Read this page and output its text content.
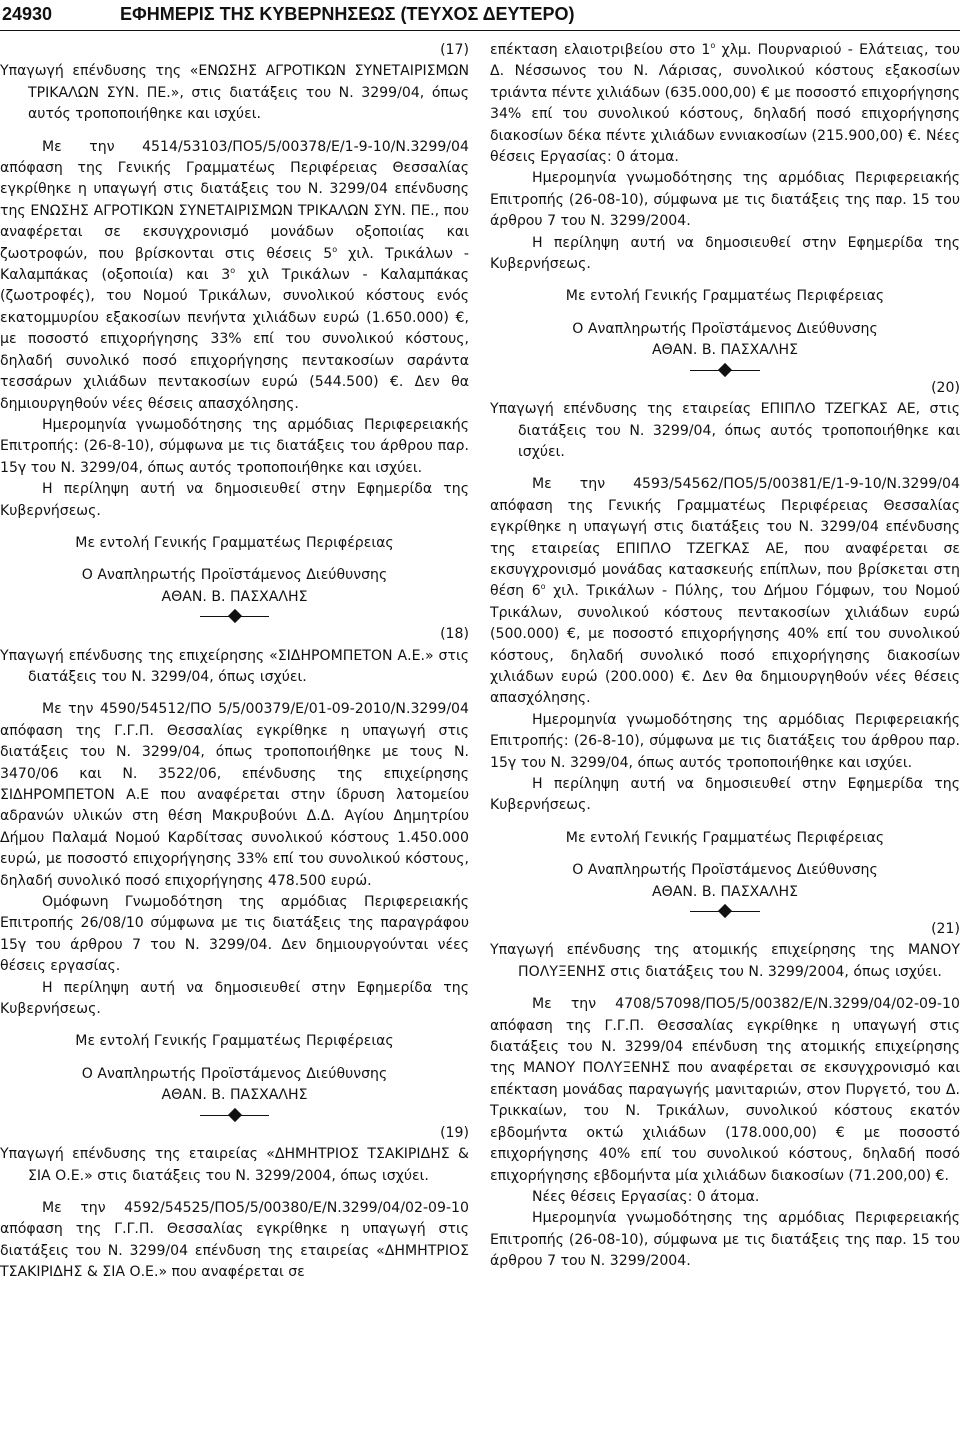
24930	ΕΦΗΜΕΡΙΣ ΤΗΣ ΚΥΒΕΡΝΗΣΕΩΣ (ΤΕΥΧΟΣ ΔΕΥΤΕΡΟ)

(17)

Υπαγωγή επένδυσης της «ΕΝΩΣΗΣ ΑΓΡΟΤΙΚΩΝ ΣΥΝΕΤΑΙΡΙΣΜΩΝ ΤΡΙΚΑΛΩΝ ΣΥΝ. ΠΕ.», στις διατάξεις του Ν. 3299/04, όπως αυτός τροποποιήθηκε και ισχύει.

Με την 4514/53103/ΠΟ5/5/00378/Ε/1-9-10/Ν.3299/04 απόφαση της Γενικής Γραμματέως Περιφέρειας Θεσσαλίας εγκρίθηκε η υπαγωγή στις διατάξεις του Ν. 3299/04 επένδυσης της ΕΝΩΣΗΣ ΑΓΡΟΤΙΚΩΝ ΣΥΝΕΤΑΙΡΙΣΜΩΝ ΤΡΙΚΑΛΩΝ ΣΥΝ. ΠΕ., που αναφέρεται σε εκσυγχρονισμό μονάδων οξοποιίας και ζωοτροφών, που βρίσκονται στις θέσεις $5^o$ χιλ. Τρικάλων - Καλαμπάκας (οξοποιία) και $3^o$ χιλ Τρικάλων - Καλαμπάκας (ζωοτροφές), του Νομού Τρικάλων, συνολικού κόστους ενός εκατομμυρίου εξακοσίων πενήντα χιλιάδων ευρώ (1.650.000) €, με ποσοστό επιχορήγησης 33% επί του συνολικού κόστους, δηλαδή συνολικό ποσό επιχορήγησης πεντακοσίων σαράντα τεσσάρων χιλιάδων πεντακοσίων ευρώ (544.500) €. Δεν θα δημιουργηθούν νέες θέσεις απασχόλησης.

Ημερομηνία γνωμοδότησης της αρμόδιας Περιφερειακής Επιτροπής: (26-8-10), σύμφωνα με τις διατάξεις του άρθρου παρ. 15γ του Ν. 3299/04, όπως αυτός τροποποιήθηκε και ισχύει.

Η περίληψη αυτή να δημοσιευθεί στην Εφημερίδα της Κυβερνήσεως.

Με εντολή Γενικής Γραμματέως Περιφέρειας

Ο Αναπληρωτής Προϊστάμενος Διεύθυνσης

ΑΘΑΝ. Β. ΠΑΣΧΑΛΗΣ

(18)

Υπαγωγή επένδυσης της επιχείρησης «ΣΙΔΗΡΟΜΠΕΤΟΝ Α.Ε.» στις διατάξεις του Ν. 3299/04, όπως ισχύει.

Με την 4590/54512/ΠΟ 5/5/00379/Ε/01-09-2010/Ν.3299/04 απόφαση της Γ.Γ.Π. Θεσσαλίας εγκρίθηκε η υπαγωγή στις διατάξεις του Ν. 3299/04, όπως τροποποιήθηκε με τους Ν. 3470/06 και Ν. 3522/06, επένδυσης της επιχείρησης ΣΙΔΗΡΟΜΠΕΤΟΝ Α.Ε που αναφέρεται στην ίδρυση λατομείου αδρανών υλικών στη θέση Μακρυβούνι Δ.Δ. Αγίου Δημητρίου Δήμου Παλαμά Νομού Καρδίτσας συνολικού κόστους 1.450.000 ευρώ, με ποσοστό επιχορήγησης 33% επί του συνολικού κόστους, δηλαδή συνολικό ποσό επιχορήγησης 478.500 ευρώ.

Ομόφωνη Γνωμοδότηση της αρμόδιας Περιφερειακής Επιτροπής 26/08/10 σύμφωνα με τις διατάξεις της παραγράφου 15γ του άρθρου 7 του Ν. 3299/04. Δεν δημιουργούνται νέες θέσεις εργασίας.

Η περίληψη αυτή να δημοσιευθεί στην Εφημερίδα της Κυβερνήσεως.

Με εντολή Γενικής Γραμματέως Περιφέρειας

Ο Αναπληρωτής Προϊστάμενος Διεύθυνσης

ΑΘΑΝ. Β. ΠΑΣΧΑΛΗΣ

(19)

Υπαγωγή επένδυσης της εταιρείας «ΔΗΜΗΤΡΙΟΣ ΤΣΑΚΙΡΙΔΗΣ & ΣΙΑ Ο.Ε.» στις διατάξεις του Ν. 3299/2004, όπως ισχύει.

Με την 4592/54525/ΠΟ5/5/00380/Ε/Ν.3299/04/02-09-10 απόφαση της Γ.Γ.Π. Θεσσαλίας εγκρίθηκε η υπαγωγή στις διατάξεις του Ν. 3299/04 επένδυση της εταιρείας «ΔΗΜΗΤΡΙΟΣ ΤΣΑΚΙΡΙΔΗΣ & ΣΙΑ Ο.Ε.» που αναφέρεται σε

επέκταση ελαιοτριβείου στο $1^o$ χλμ. Πουρναριού - Ελάτειας, του Δ. Νέσσωνος του Ν. Λάρισας, συνολικού κόστους εξακοσίων τριάντα πέντε χιλιάδων (635.000,00) € με ποσοστό επιχορήγησης 34% επί του συνολικού κόστους, δηλαδή ποσό επιχορήγησης διακοσίων δέκα πέντε χιλιάδων εννιακοσίων (215.900,00) €. Νέες θέσεις Εργασίας: 0 άτομα.

Ημερομηνία γνωμοδότησης της αρμόδιας Περιφερειακής Επιτροπής (26-08-10), σύμφωνα με τις διατάξεις της παρ. 15 του άρθρου 7 του Ν. 3299/2004.

Η περίληψη αυτή να δημοσιευθεί στην Εφημερίδα της Κυβερνήσεως.

Με εντολή Γενικής Γραμματέως Περιφέρειας

Ο Αναπληρωτής Προϊστάμενος Διεύθυνσης

ΑΘΑΝ. Β. ΠΑΣΧΑΛΗΣ

(20)

Υπαγωγή επένδυσης της εταιρείας ΕΠΙΠΛΟ ΤΖΕΓΚΑΣ ΑΕ, στις διατάξεις του Ν. 3299/04, όπως αυτός τροποποιήθηκε και ισχύει.

Με την 4593/54562/ΠΟ5/5/00381/Ε/1-9-10/Ν.3299/04 απόφαση της Γενικής Γραμματέως Περιφέρειας Θεσσαλίας εγκρίθηκε η υπαγωγή στις διατάξεις του Ν. 3299/04 επένδυσης της εταιρείας ΕΠΙΠΛΟ ΤΖΕΓΚΑΣ ΑΕ, που αναφέρεται σε εκσυγχρονισμό μονάδας κατασκευής επίπλων, που βρίσκεται στη θέση $6^o$ χιλ. Τρικάλων - Πύλης, του Δήμου Γόμφων, του Νομού Τρικάλων, συνολικού κόστους πεντακοσίων χιλιάδων ευρώ (500.000) €, με ποσοστό επιχορήγησης 40% επί του συνολικού κόστους, δηλαδή συνολικό ποσό επιχορήγησης διακοσίων χιλιάδων ευρώ (200.000) €. Δεν θα δημιουργηθούν νέες θέσεις απασχόλησης.

Ημερομηνία γνωμοδότησης της αρμόδιας Περιφερειακής Επιτροπής: (26-8-10), σύμφωνα με τις διατάξεις του άρθρου παρ. 15γ του Ν. 3299/04, όπως αυτός τροποποιήθηκε και ισχύει.

Η περίληψη αυτή να δημοσιευθεί στην Εφημερίδα της Κυβερνήσεως.

Με εντολή Γενικής Γραμματέως Περιφέρειας

Ο Αναπληρωτής Προϊστάμενος Διεύθυνσης

ΑΘΑΝ. Β. ΠΑΣΧΑΛΗΣ

(21)

Υπαγωγή επένδυσης της ατομικής επιχείρησης της ΜΑΝΟΥ ΠΟΛΥΞΕΝΗΣ στις διατάξεις του Ν. 3299/2004, όπως ισχύει.

Με την 4708/57098/ΠΟ5/5/00382/Ε/Ν.3299/04/02-09-10 απόφαση της Γ.Γ.Π. Θεσσαλίας εγκρίθηκε η υπαγωγή στις διατάξεις του Ν. 3299/04 επένδυση της ατομικής επιχείρησης της ΜΑΝΟΥ ΠΟΛΥΞΕΝΗΣ που αναφέρεται σε εκσυγχρονισμό και επέκταση μονάδας παραγωγής μανιταριών, στον Πυργετό, του Δ. Τρικκαίων, του Ν. Τρικάλων, συνολικού κόστους εκατόν εβδομήντα οκτώ χιλιάδων (178.000,00) € με ποσοστό επιχορήγησης 40% επί του συνολικού κόστους, δηλαδή ποσό επιχορήγησης εβδομήντα μία χιλιάδων διακοσίων (71.200,00) €.

Νέες θέσεις Εργασίας: 0 άτομα.

Ημερομηνία γνωμοδότησης της αρμόδιας Περιφερειακής Επιτροπής (26-08-10), σύμφωνα με τις διατάξεις της παρ. 15 του άρθρου 7 του Ν. 3299/2004.
